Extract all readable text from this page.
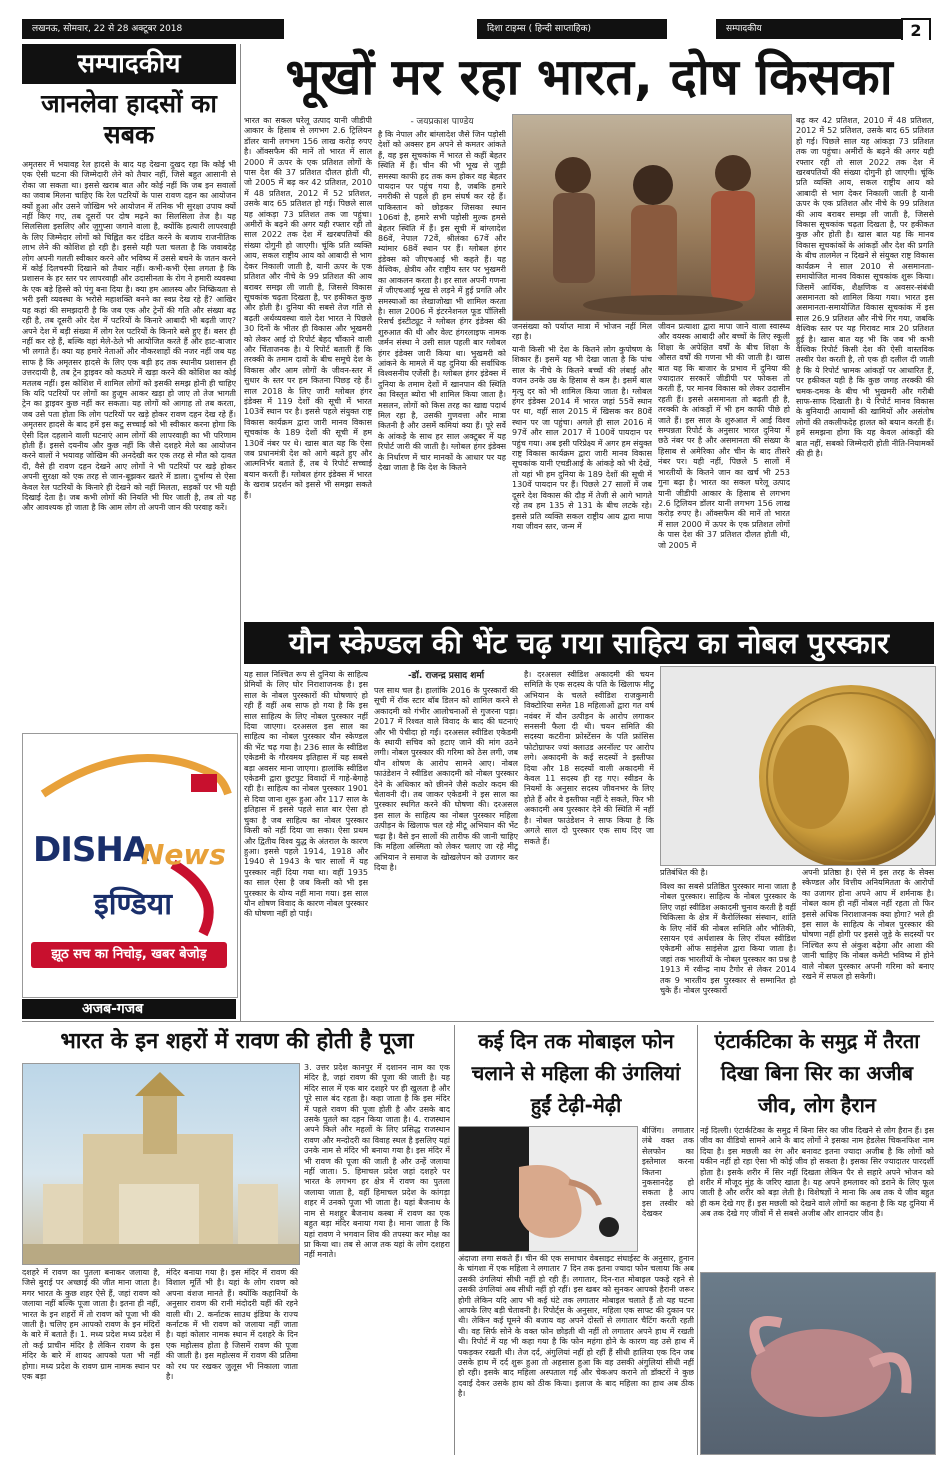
लखनऊ, सोमवार, 22 से 28 अक्टूबर 2018	दिशा टाइम्स ( हिन्दी साप्ताहिक)	सम्पादकीय	2
सम्पादकीय
जानलेवा हादसों का सबक
अमृतसर में भयावह रेल हादसे के बाद यह देखना दुखद रहा कि कोई भी एक ऐसी घटना की जिम्मेदारी लेने को तैयार नहीं, जिसे बहुत आसानी से रोका जा सकता था। इससे खराब बात और कोई नहीं कि जब इन सवालों का जवाब मिलना चाहिए कि रेल पटरियों के पास रावण दहन का आयोजन क्यों हुआ और उसने जोखिम भरे आयोजन में तनिक भी सुरक्षा उपाय क्यों नहीं किए गए, तब दूसरों पर दोष मढ़ने का सिलसिला तेज है। यह सिलसिला इसलिए और जुगुप्सा जगाने वाला है, क्योंकि हत्यारी लापरवाही के लिए जिम्मेदार लोगों को चिह्नित कर दंडित करने के बजाय राजनीतिक लाभ लेने की कोशिश हो रही है। इससे यही पता चलता है कि जवाबदेह लोग अपनी गलती स्वीकार करने और भविष्य में उससे बचने के जतन करने में कोई दिलचस्पी दिखाने को तैयार नहीं। कभी-कभी ऐसा लगता है कि प्रशासन के हर स्तर पर लापरवाही और उदासीनता के रोग ने हमारी व्यवस्था के एक बड़े हिस्से को पंगु बना दिया है। क्या हम आलस्य और निष्क्रियता से भरी इसी व्यवस्था के भरोसे महाशक्ति बनने का स्वप्न देख रहे हैं? आखिर यह कहां की समझदारी है कि जब एक और ट्रेनों की गति और संख्या बढ़ रही है, तब दूसरी ओर देश में पटरियों के किनारे आबादी भी बढ़ती जाए? अपने देश में बड़ी संख्या में लोग रेल पटरियों के किनारे बसे हुए हैं। बसर ही नहीं कर रहे हैं, बल्कि वहां मेले-ठेले भी आयोजित करते हैं और हाट-बाजार भी लगाते हैं। क्या यह हमारे नेताओं और नौकरशाहों की नजर नहीं जब यह साफ है कि अमृतसर हादसे के लिए एक बड़ी हद तक स्थानीय प्रशासन ही उत्तरदायी है, तब ट्रेन ड्राइवर को कठघरे में खड़ा करने की कोशिश का कोई मतलब नहीं। इस कोशिश में शामिल लोगों को इसकी समझ होनी ही चाहिए कि यदि पटरियों पर लोगों का हुजूम आकर खड़ा हो जाए तो तेज भागती ट्रेन का ड्राइवर कुछ नहीं कर सकता। यह लोगों को आगाह तो तब करता, जब उसे पता होता कि लोग पटरियों पर खड़े होकर रावण दहन देख रहे हैं। अमृतसर हादसे के बाद हमें इस कटु सच्चाई को भी स्वीकार करना होगा कि ऐसी दिल दहलाने वाली घटनाएं आम लोगों की लापरवाही का भी परिणाम होती हैं। इससे दयनीय और कुछ नहीं कि जैसे दशहरे मेले का आयोजन करने वालों ने भयावह जोखिम की अनदेखी कर एक तरह से मौत को दावत दी, वैसे ही रावण दहन देखने आए लोगों ने भी पटरियों पर खड़े होकर अपनी सुरक्षा को एक तरह से जान-बूझकर खतरे में डाला। दुर्भाग्य से ऐसा केवल रेल पटरियों के किनारे ही देखने को नहीं मिलता, सड़कों पर भी यही दिखाई देता है। जब कभी लोगों की नियति भी घिर जाती है, तब तो यह और आवश्यक हो जाता है कि आम लोग तो अपनी जान की परवाह करें।
DISHA
News
इण्डिया
झूठ सच का निचोड़, खबर बेजोड़
अजब-गजब
भूखों मर रहा भारत, दोष किसका
भारत का सकल घरेलू उत्पाद यानी जीडीपी आकार के हिसाब से लगभग 2.6 ट्रिलियन डॉलर यानी लगभग 156 लाख करोड़ रुपए है। ऑक्सफैम की मानें तो भारत में साल 2000 में ऊपर के एक प्रतिशत लोगों के पास देश की 37 प्रतिशत दौलत होती थी, जो 2005 में बढ़ कर 42 प्रतिशत, 2010 में 48 प्रतिशत, 2012 में 52 प्रतिशत, उसके बाद 65 प्रतिशत हो गई। पिछले साल यह आंकड़ा 73 प्रतिशत तक जा पहुंचा। अमीरों के बढ़ने की अगर यही रफ्तार रही तो साल 2022 तक देश में खरबपतियों की संख्या दोगुनी हो जाएगी। चूंकि प्रति व्यक्ति आय, सकल राष्ट्रीय आय को आबादी से भाग देकर निकाली जाती है, यानी ऊपर के एक प्रतिशत और नीचे के 99 प्रतिशत की आय बराबर समझ ली जाती है, जिससे विकास सूचकांक चढ़ता दिखता है, पर हकीकत कुछ और होती है। दुनिया की सबसे तेज गति से बढ़ती अर्थव्यवस्था वाले देश भारत ने पिछले 30 दिनों के भीतर ही विकास और भूखमरी को लेकर आई दो रिपोर्ट बेहद चौंकाने वाली और चिंताजनक है। ये रिपोर्ट बताती हैं कि तरक्की के तमाम दावों के बीच समूचे देश के विकास और आम लोगों के जीवन-स्तर में सुधार के स्तर पर हम कितना पिछड़ रहे हैं। साल 2018 के लिए जारी ग्लोबल हंगर इंडेक्स में 119 देशों की सूची में भारत 103वें स्थान पर है। इससे पहले संयुक्त राष्ट्र विकास कार्यक्रम द्वारा जारी मानव विकास सूचकांक के 189 देशों की सूची में हम 130वें नंबर पर थे। खास बात यह कि ऐसा जब प्रधानमंत्री देश को आगे बढ़ते हुए और आत्मनिर्भर बताते हैं, तब ये रिपोर्ट सच्चाई बयान करती हैं। ग्लोबल हंगर इंडेक्स में भारत के खराब प्रदर्शन को इससे भी समझा सकते हैं।
- जयप्रकाश पाण्डेय
है कि नेपाल और बांग्लादेश जैसे जिन पड़ोसी देशों को अक्सर हम अपने से कमतर आंकते हैं, वह इस सूचकांक में भारत से कहीं बेहतर स्थिति में हैं। चीन की भी भूख से जुड़ी समस्या काफी हद तक कम होकर वह बेहतर पायदान पर पहुंच गया है, जबकि हमारे नगरीकी से पहले ही हम संघर्ष कर रहे हैं। पाकिस्तान को छोड़कर जिसका स्थान 106वां है, हमारे सभी पड़ोसी मुल्क हमसे बेहतर स्थिति में हैं। इस सूची में बांग्लादेश 86वें, नेपाल 72वें, श्रीलंका 67वें और म्यांमार 68वें स्थान पर हैं। ग्लोबल हंगर इंडेक्स को जीएचआई भी कहते हैं। यह वैश्विक, क्षेत्रीय और राष्ट्रीय स्तर पर भुखमरी का आकलन करता है। हर साल अपनी गणना में जीएचआई भूख से लड़ने में हुई प्रगति और समस्याओं का लेखाजोखा भी शामिल करता है। साल 2006 में इंटरनेशनल फूड पॉलिसी रिसर्च इंस्टीट्यूट ने ग्लोबल हंगर इंडेक्स की शुरुआत की थी और वेल्ट हंगरलाइफ नामक जर्मन संस्था ने उसी साल पहली बार ग्लोबल हंगर इंडेक्स जारी किया था। भुखमरी को आंकने के मामले में यह दुनिया की सर्वाधिक विश्वसनीय एजेंसी है। ग्लोबल हंगर इंडेक्स में दुनिया के तमाम देशों में खानपान की स्थिति का विस्तृत ब्योरा भी शामिल किया जाता है। मसलन, लोगों को किस तरह का खाद्य पदार्थ मिल रहा है, उसकी गुणवत्ता और मात्रा कितनी है और उसमें कमियां क्या हैं। पूरे सर्वे के आंकड़े के साथ हर साल अक्टूबर में यह रिपोर्ट जारी की जाती है। ग्लोबल हंगर इंडेक्स के निर्धारण में चार मानकों के आधार पर यह देखा जाता है कि देश के कितने
जनसंख्या को पर्याप्त मात्रा में भोजन नहीं मिल रहा है।
यानी किसी भी देश के कितने लोग कुपोषण के शिकार हैं। इसमें यह भी देखा जाता है कि पांच साल के नीचे के कितने बच्चों की लंबाई और वजन उनके उम्र के हिसाब से कम है। इसमें बाल मृत्यु दर को भी शामिल किया जाता है। ग्लोबल हंगर इंडेक्स 2014 में भारत जहां 55वें स्थान पर था, वहीं साल 2015 में खिसक कर 80वें स्थान पर जा पहुंचा। अगले ही साल 2016 में 97वें और साल 2017 में 100वें पायदान पर पहुंच गया। अब इसी परिप्रेक्ष्य में अगर हम संयुक्त राष्ट्र विकास कार्यक्रम द्वारा जारी मानव विकास सूचकांक यानी एचडीआई के आंकड़े को भी देखें, तो यहां भी हम दुनिया के 189 देशों की सूची में 130वें पायदान पर हैं। पिछले 27 सालों में जब दूसरे देश विकास की दौड़ में तेजी से आगे भागते रहे तब हम 135 से 131 के बीच लटके रहे। इससे प्रति व्यक्ति सकल राष्ट्रीय आय द्वारा मापा गया जीवन स्तर, जन्म में
जीवन प्रत्याशा द्वारा मापा जाने वाला स्वास्थ्य और वयस्क आबादी और बच्चों के लिए स्कूली शिक्षा के अपेक्षित वर्षों के बीच शिक्षा के औसत वर्षों की गणना भी की जाती है। खास बात यह कि बाजार के प्रभाव में दुनिया की ज्यादातर सरकारें जीडीपी पर फोकस तो करती हैं, पर मानव विकास को लेकर उदासीन रहती हैं। इससे असमानता तो बढ़ती ही है, तरक्की के आंकड़ों में भी हम काफी पीछे हो जाते हैं। इस साल के शुरुआत में आई विश्व सम्पन्नता रिपोर्ट के अनुसार भारत दुनिया में छठे नंबर पर है और असमानता की संख्या के हिसाब से अमेरिका और चीन के बाद तीसरे नंबर पर। यही नहीं, पिछले 5 सालों में भारतीयों के कितने जान का खर्च भी 253 गुना बढ़ा है। भारत का सकल घरेलू उत्पाद यानी जीडीपी आकार के हिसाब से लगभग 2.6 ट्रिलियन डॉलर यानी लगभग 156 लाख करोड़ रुपए है। ऑक्सफैम की मानें तो भारत में साल 2000 में ऊपर के एक प्रतिशत लोगों के पास देश की 37 प्रतिशत दौलत होती थी, जो 2005 में
बढ़ कर 42 प्रतिशत, 2010 में 48 प्रतिशत, 2012 में 52 प्रतिशत, उसके बाद 65 प्रतिशत हो गई। पिछले साल यह आंकड़ा 73 प्रतिशत तक जा पहुंचा। अमीरों के बढ़ने की अगर यही रफ्तार रही तो साल 2022 तक देश में खरबपतियों की संख्या दोगुनी हो जाएगी। चूंकि प्रति व्यक्ति आय, सकल राष्ट्रीय आय को आबादी से भाग देकर निकाली जाती है यानी ऊपर के एक प्रतिशत और नीचे के 99 प्रतिशत की आय बराबर समझ ली जाती है, जिससे विकास सूचकांक चढ़ता दिखता है, पर हकीकत कुछ और होती है। खास बात यह कि मानव विकास सूचकांकों के आंकड़ों और देश की प्रगति के बीच तालमेल न दिखने से संयुक्त राष्ट्र विकास कार्यक्रम ने साल 2010 से असमानता-समायोजित मानव विकास सूचकांक शुरू किया। जिसमें आर्थिक, शैक्षणिक व अवसर-संबंधी असमानता को शामिल किया गया। भारत इस असमानता-समायोजित विकास सूचकांक में इस साल 26.9 प्रतिशत और नीचे गिर गया, जबकि वैश्विक स्तर पर यह गिरावट मात्र 20 प्रतिशत हुई है। खास बात यह भी कि जब भी कभी वैश्विक रिपोर्ट किसी देश की ऐसी वास्तविक तस्वीर पेश करती है, तो एक ही दलील दी जाती है कि ये रिपोर्ट भ्रामक आंकड़ों पर आधारित हैं, पर हकीकत यही है कि कुछ जगह तरक्की की चमक-दमक के बीच भी भुखमरी और गरीबी साफ-साफ दिखाती है। ये रिपोर्ट मानव विकास के बुनियादी आयामों की खामियों और असंतोष लोगों की तकलीफदेह हालत को बयान करती हैं। हमें समझना होगा कि यह केवल आंकड़ों की बात नहीं, सबको जिम्मेदारी होती नीति-नियामकों की ही है।
यौन स्केण्डल की भेंट चढ़ गया साहित्य का नोबल पुरस्कार
यह साल निश्चित रूप से दुनिया के साहित्य प्रेमियों के लिए घोर निराशाजनक है। इस साल के नोबल पुरस्कारों की घोषणाएं हो रही हैं वहीं अब साफ हो गया है कि इस साल साहित्य के लिए नोबल पुरस्कार नहीं दिया जाएगा। दरअसल इस साल का साहित्य का नोबल पुरस्कार यौन स्केण्डल की भेंट चढ़ गया है। 236 साल के स्वीडिश एकेडमी के गौरवमय इतिहास में यह सबसे बड़ा अवसर माना जाएगा। हालांकि स्वीडिश एकेडमी द्वारा छुटपुट विवादों में गाहे-बेगाहे रही है। साहित्य का नोबल पुरस्कार 1901 से दिया जाना शुरू हुआ और 117 साल के इतिहास में इससे पहले सात बार ऐसा हो चुका है जब साहित्य का नोबल पुरस्कार किसी को नहीं दिया जा सका। ऐसा प्रथम और द्वितीय विश्व युद्ध के अंतराल के कारण हुआ। इससे पहले 1914, 1918 और 1940 से 1943 के चार सालों में यह पुरस्कार नहीं दिया गया था। वहीं 1935 का साल ऐसा है जब किसी को भी इस पुरस्कार के योग्य नहीं माना गया। इस साल यौन शोषण विवाद के कारण नोबल पुरस्कार की घोषणा नहीं हो पाई।
-डॉ. राजन्द्र प्रसाद शर्मा
पल साथ चल है। हालांकि 2016 के पुरस्कारों की सूची में रॉक स्टार बॉब डिलन को शामिल करने से अकादमी को गंभीर आलोचनाओं से गुजरना पड़ा। 2017 में रिश्वत वाले विवाद के बाद की घटनाएं और भी पेचीदा हो गईं। दरअसल स्वीडिश एकेडमी के स्थायी सचिव को हटाए जाने की मांग उठने लगी। नोबल पुरस्कार की गरिमा को ठेस लगी, जब यौन शोषण के आरोप सामने आए। नोबल फाउंडेशन ने स्वीडिश अकादमी को नोबल पुरस्कार देने के अधिकार को छीनने जैसे कठोर कदम की चेतावनी दी। तब जाकर एकेडमी ने इस साल का पुरस्कार स्थगित करने की घोषणा की। दरअसल इस साल के साहित्य का नोबल पुरस्कार महिला उत्पीड़न के खिलाफ चल रहे मीटू अभियान की भेंट चढ़ा है। वैसे इन सालों की तारीफ की जानी चाहिए कि महिला अस्मिता को लेकर चलाए जा रहे मीटू अभियान ने समाज के खोखलेपन को उजागर कर दिया है।
है। दरअसल स्वीडिश अकादमी की चयन समिति के एक सदस्य के पति के खिलाफ मीटू अभियान के चलते स्वीडिश राजकुमारी विक्टोरिया समेत 18 महिलाओं द्वारा गत वर्ष नवंबर में यौन उत्पीड़न के आरोप लगाकर सनसनी फैला दी थी। चयन समिति की सदस्या कटरीना फ्रोस्टेंसन के पति फ्रांसिस फोटोग्राफर ज्यां क्लाउड अरनॉल्ट पर आरोप लगे। अकादमी के कई सदस्यों ने इस्तीफा दिया और 18 सदस्यों वाली अकादमी में केवल 11 सदस्य ही रह गए। स्वीडन के नियमों के अनुसार सदस्य जीवनभर के लिए होते हैं और वे इस्तीफा नहीं दे सकते, फिर भी अकादमी अब पुरस्कार देने की स्थिति में नहीं है। नोबल फाउंडेशन ने साफ किया है कि अगले साल दो पुरस्कार एक साथ दिए जा सकते हैं।
प्रतिबंधित की है।
विश्व का सबसे प्रतिष्ठित पुरस्कार माना जाता है नोबल पुरस्कार। साहित्य के नोबल पुरस्कार के लिए जहां स्वीडिश अकादमी चुनाव करती है वहीं चिकित्सा के क्षेत्र में कैरोलिंस्का संस्थान, शांति के लिए नॉर्वे की नोबल समिति और भौतिकी, रसायन एवं अर्थशास्त्र के लिए रॉयल स्वीडिश एकेडमी ऑफ साइंसेज द्वारा किया जाता है। जहां तक भारतीयों के नोबल पुरस्कार का प्रश्न है 1913 में रवीन्द्र नाथ टैगोर से लेकर 2014 तक 9 भारतीय इस पुरस्कार से सम्मानित हो चुके हैं। नोबल पुरस्कारों
अपनी प्रतिष्ठा है। ऐसे में इस तरह के सेक्स स्केण्डल और वित्तीय अनियमितता के आरोपों का उजागर होना अपने आप में शर्मनाक है। नोबल काम ही नहीं नोबल नहीं रहता तो फिर इससे अधिक निराशाजनक क्या होगा? भले ही इस साल के साहित्य के नोबल पुरस्कार की घोषणा नहीं होगी पर इससे जुड़े के सदस्यों पर निश्चित रूप से अंकुश बढ़ेगा और आशा की जानी चाहिए कि नोबल कमेटी भविष्य में होने वाले नोबल पुरस्कार अपनी गरिमा को बनाए रखने में सफल हो सकेगी।
भारत के इन शहरों में रावण की होती है पूजा
दशहरे में रावण का पुतला बनाकर जलाया है, जिसे बुराई पर अच्छाई की जीत माना जाता है। मगर भारत के कुछ शहर ऐसे हैं, जहां रावण को जलाया नहीं बल्कि पूजा जाता है। इतना ही नहीं, भारत के इन शहरों में तो रावण को पूजा भी की जाती है। चलिए हम आपको रावण के इन मंदिरों के बारे में बताते हैं। 1. मध्य प्रदेश मध्य प्रदेश में तो कई प्राचीन मंदिर है लेकिन रावण के इस मंदिर के बारे में शायद आपको पता भी नहीं होगा। मध्य प्रदेश के रावण ग्राम नामक स्थान पर एक बड़ा
मंदिर बनाया गया है। इस मंदिर में रावण की विशाल मूर्ति भी है। यहां के लोग रावण को अपना वंशज मानते हैं। क्योंकि कहानियों के अनुसार रावण की रानी मंदोदरी यहीं की रहने वाली थी। 2. कर्नाटक साउथ इंडिया के राज्य कर्नाटक में भी रावण को जलाया नहीं जाता है। यहां कोलार नामक स्थान में दशहरे के दिन एक महोत्सव होता है जिसमें रावण की पूजा की जाती है। इस महोत्सव में रावण की प्रतिमा को रथ पर रखकर जुलूस भी निकाला जाता है।
3. उत्तर प्रदेश कानपुर में दशानन नाम का एक मंदिर है, जहां रावण की पूजा की जाती है। यह मंदिर साल में एक बार दशहरे पर ही खुलता है और पूरे साल बंद रहता है। कहा जाता है कि इस मंदिर में पहले रावण की पूजा होती है और उसके बाद उसके पुतले का दहन किया जाता है। 4. राजस्थान अपने किले और महलों के लिए प्रसिद्ध राजस्थान रावण और मन्दोदरी का विवाह स्थल है इसलिए यहां उनके नाम से मंदिर भी बनाया गया है। इस मंदिर में भी रावण की पूजा की जाती है और उन्हें जलाया नहीं जाता। 5. हिमाचल प्रदेश जहां दशहरे पर भारत के लगभग हर क्षेत्र में रावण का पुतला जलाया जाता है, वहीं हिमाचल प्रदेश के कांगड़ा शहर में उनको पूजा भी जाता है। यहां बैजनाथ के नाम से मशहूर बैजनाथ कस्बा में रावण का एक बहुत बड़ा मंदिर बनाया गया है। माना जाता है कि यहां रावण ने भगवान शिव की तपस्या कर मोक्ष का प्रा किया था। तब से आज तक यहां के लोग दशहरा नहीं मनाते।
कई दिन तक मोबाइल फोन चलाने से महिला की उंगलियां हुईं टेढ़ी-मेढ़ी
बीजिंग। लगातार लंबे वक्त तक सेलफोन का इस्तेमाल करना कितना नुकसानदेह हो सकता है आप इस तस्वीर को देखकर
अंदाजा लगा सकते हैं। चीन की एक समाचार वेबसाइट संघाईस्ट के अनुसार, हुनान के चांगशा में एक महिला ने लगातार 7 दिन तक इतना ज्यादा फोन चलाया कि अब उसकी उंगलियां सीधी नहीं हो रही हैं। लगातार, दिन-रात मोबाइल पकड़े रहने से उसकी उंगलियां अब सीधी नहीं हो रहीं। इस खबर को सुनकर आपको हैरानी जरूर होगी लेकिन यदि आप भी कई घंटे तक लगातार मोबाइल चलाते हैं तो यह घटना आपके लिए बड़ी चेतावनी है। रिपोर्ट्स के अनुसार, महिला एक साफ्ट की दुकान पर थी। लेकिन कई घूमने की बजाय वह अपने दोस्तों से लगातार चैटिंग करती रहती थी। वह सिर्फ सोने के वक्त फोन छोड़ती थी नहीं तो लगातार अपने हाथ में रखती थी। रिपोर्ट में यह भी कहा गया है कि फोन महंगा होने के कारण वह उसे हाथ में पकड़कर रखती थी। तेज दर्द, अंगुलियां नहीं हो रहीं हैं सीधी हालिया एक दिन जब उसके हाथ में दर्द शुरू हुआ तो अहसास हुआ कि वह उसकी अंगुलियां सीधी नहीं हो रही। इसके बाद महिला अस्पताल गई और चेकअप कराने तो डॉक्टरों ने कुछ दवाई देकर उसके हाथ को ठीक किया। इलाज के बाद महिला का हाथ अब ठीक है।
एंटार्कटिका के समुद्र में तैरता दिखा बिना सिर का अजीब जीव, लोग हैरान
नई दिल्ली। एंटार्कटिका के समुद्र में बिना सिर का जीव दिखने से लोग हैरान हैं। इस जीव का वीडियो सामने आने के बाद लोगों ने इसका नाम हेडलेस चिकनफिश नाम दिया है। इस मछली का रंग और बनावट इतना ज्यादा अजीब है कि लोगों को यकीन नहीं हो रहा ऐसा भी कोई जीव हो सकता है। इसका सिर ज्यादातर पारदर्शी होता है। इसके शरीर में सिर नहीं दिखता लेकिन पैर से सहारे अपने भोजन को शरीर में मौजूद मुंह के जरिए खाता है। यह अपने हमलावर को डराने के लिए फूल जाती है और शरीर को बड़ा लेती है। विशेषज्ञों ने माना कि अब तक ये जीव बहुत ही कम देखे गए हैं। इस मछली को देखने वाले लोगों का कहना है कि यह दुनिया में अब तक देखे गए जीवों में से सबसे अजीब और शानदार जीव है।
